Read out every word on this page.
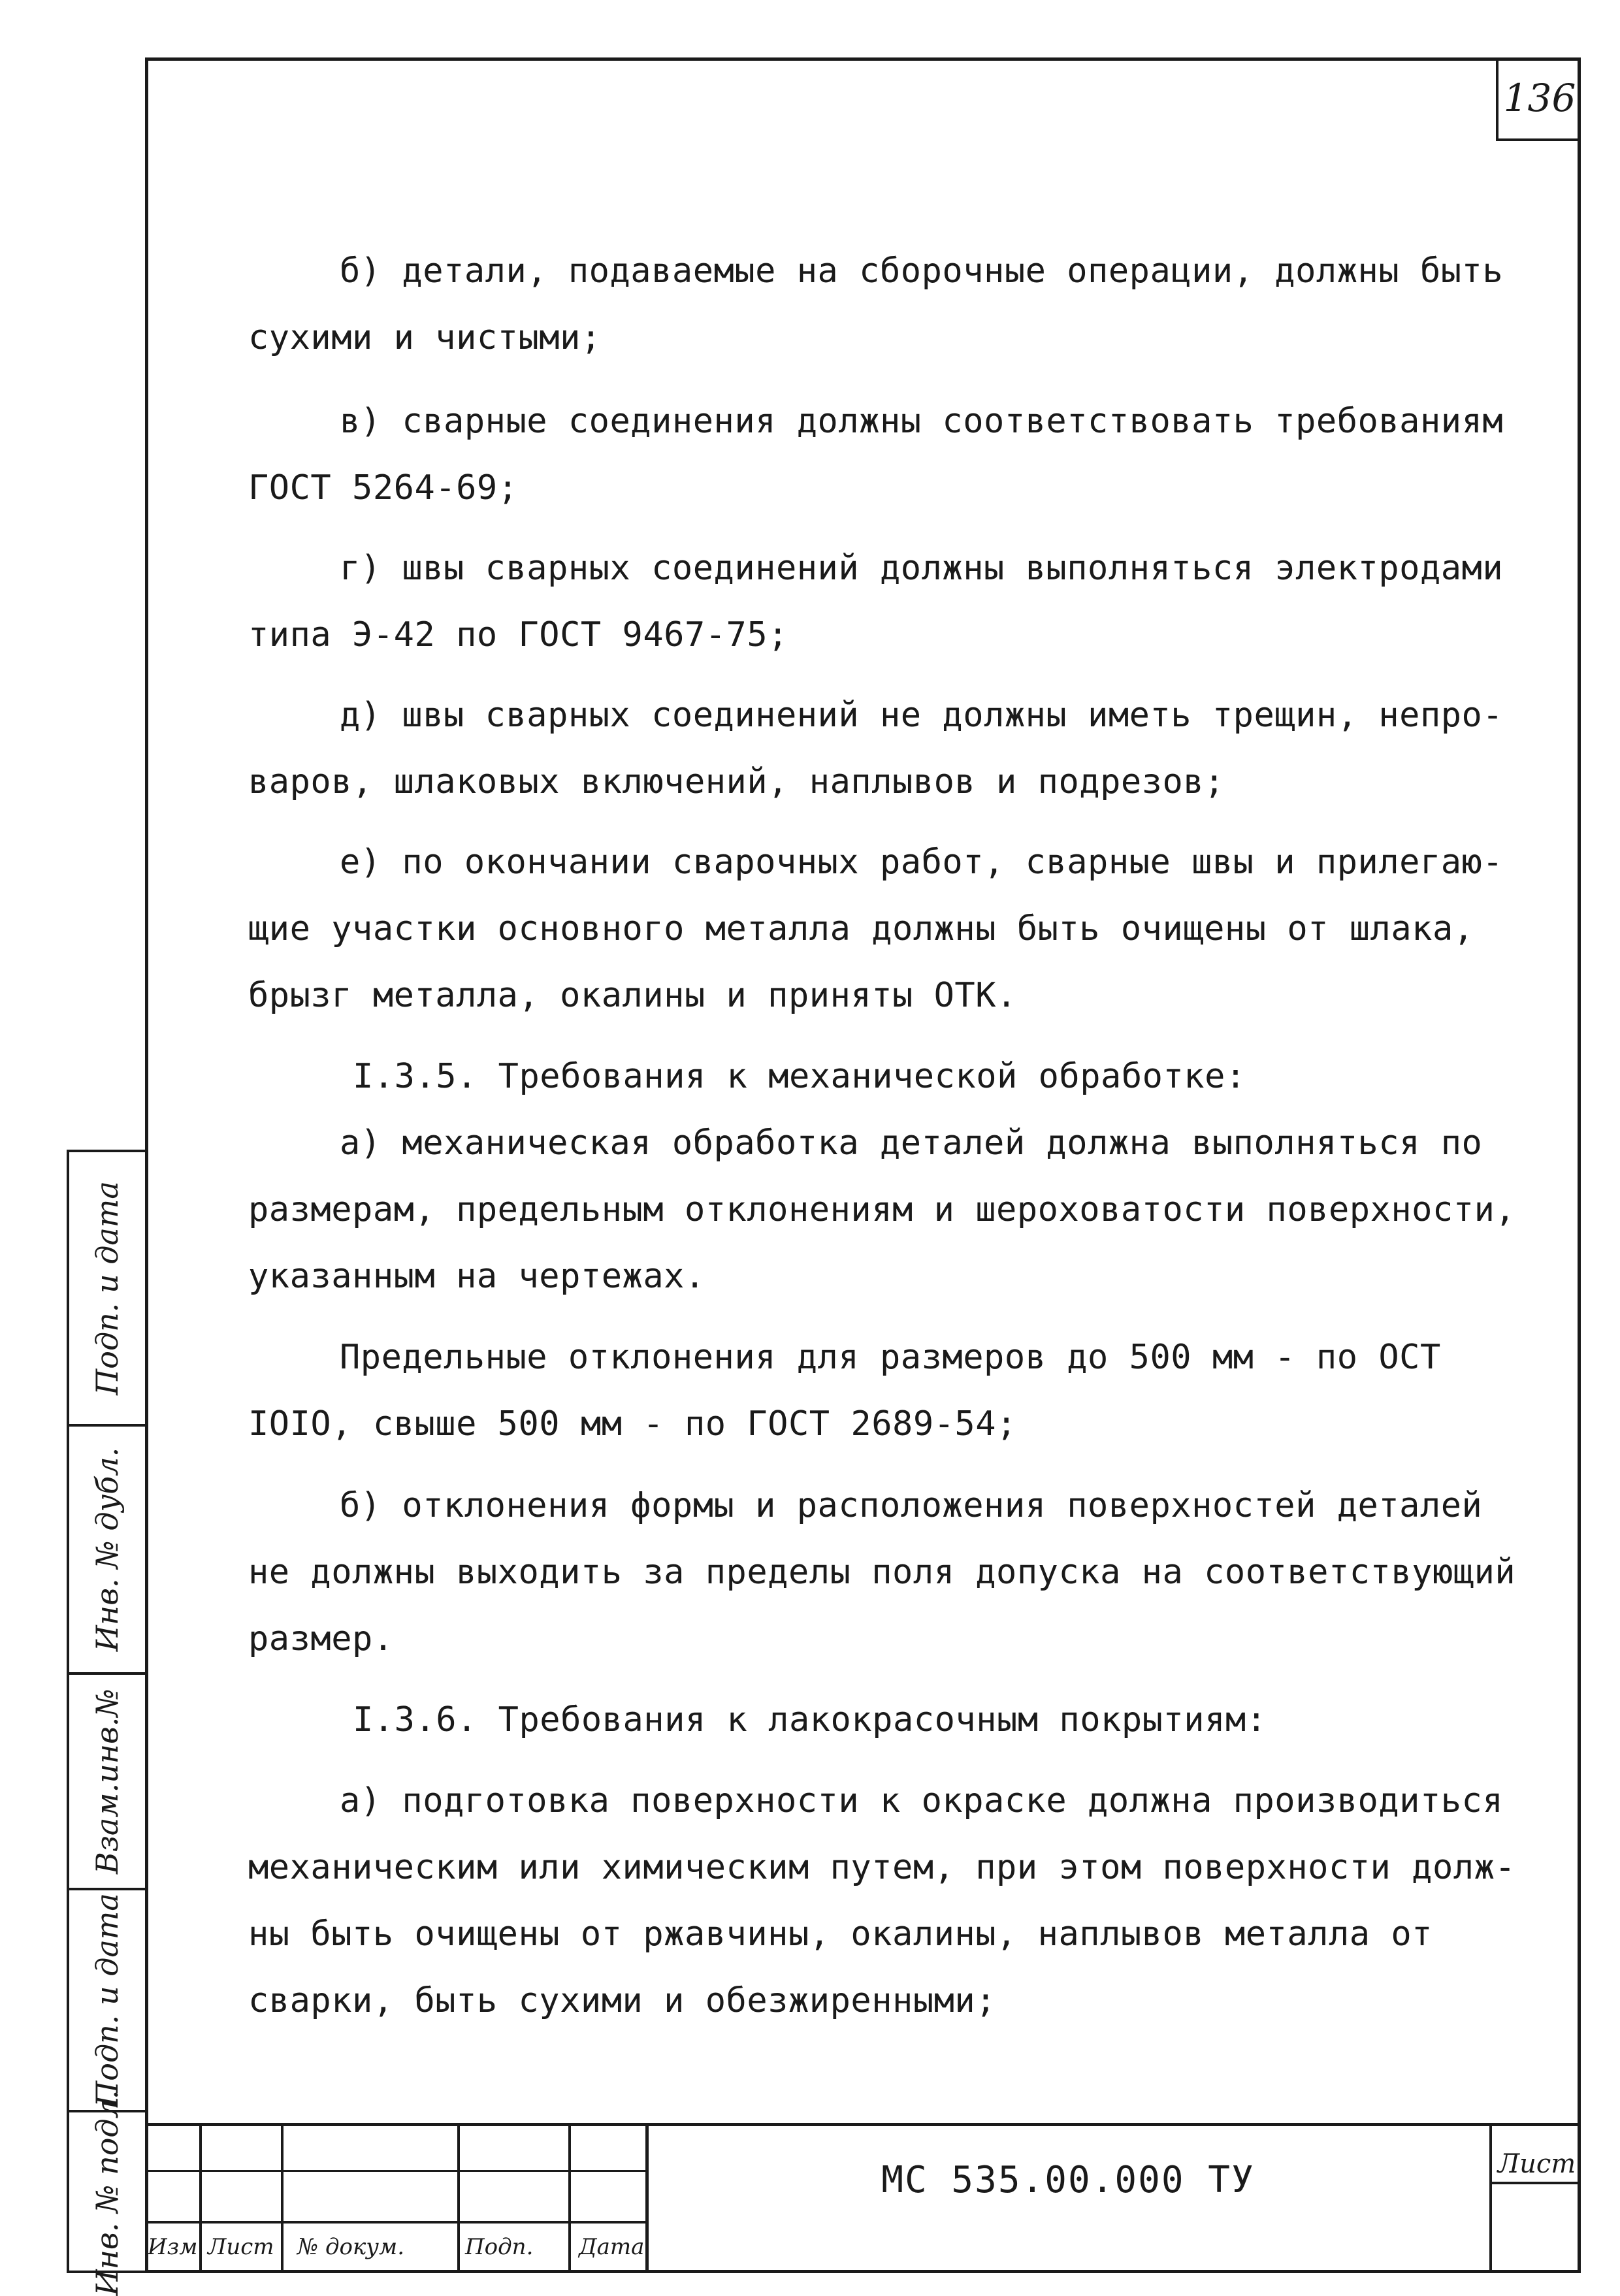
136
б) детали, подаваемые на сборочные операции, должны быть
сухими и чистыми;
в) сварные соединения должны соответствовать требованиям
ГОСТ 5264-69;
г) швы сварных соединений должны выполняться электродами
типа Э-42 по ГОСТ 9467-75;
д) швы сварных соединений не должны иметь трещин, непро-
варов, шлаковых включений, наплывов и подрезов;
е) по окончании сварочных работ, сварные швы и прилегаю-
щие участки основного металла должны быть очищены от шлака,
брызг металла, окалины и приняты ОТК.
I.3.5. Требования к механической обработке:
а) механическая обработка деталей должна выполняться по
размерам, предельным отклонениям и шероховатости поверхности,
указанным на чертежах.
Предельные отклонения для размеров до 500 мм - по ОСТ
IОIО, свыше 500 мм - по ГОСТ 2689-54;
б) отклонения формы и расположения поверхностей деталей
не должны выходить за пределы поля допуска на соответствующий
размер.
I.3.6. Требования к лакокрасочным покрытиям:
а) подготовка поверхности к окраске должна производиться
механическим или химическим путем, при этом поверхности долж-
ны быть очищены от ржавчины, окалины, наплывов металла от
сварки, быть сухими и обезжиренными;
Подп. и дата
Инв. № дубл.
Взам.инв.№
Подп. и дата
Инв. № подл. Изм Лист № докум.	Подп. Дата
МС 535.00.000 ТУ	Лист
